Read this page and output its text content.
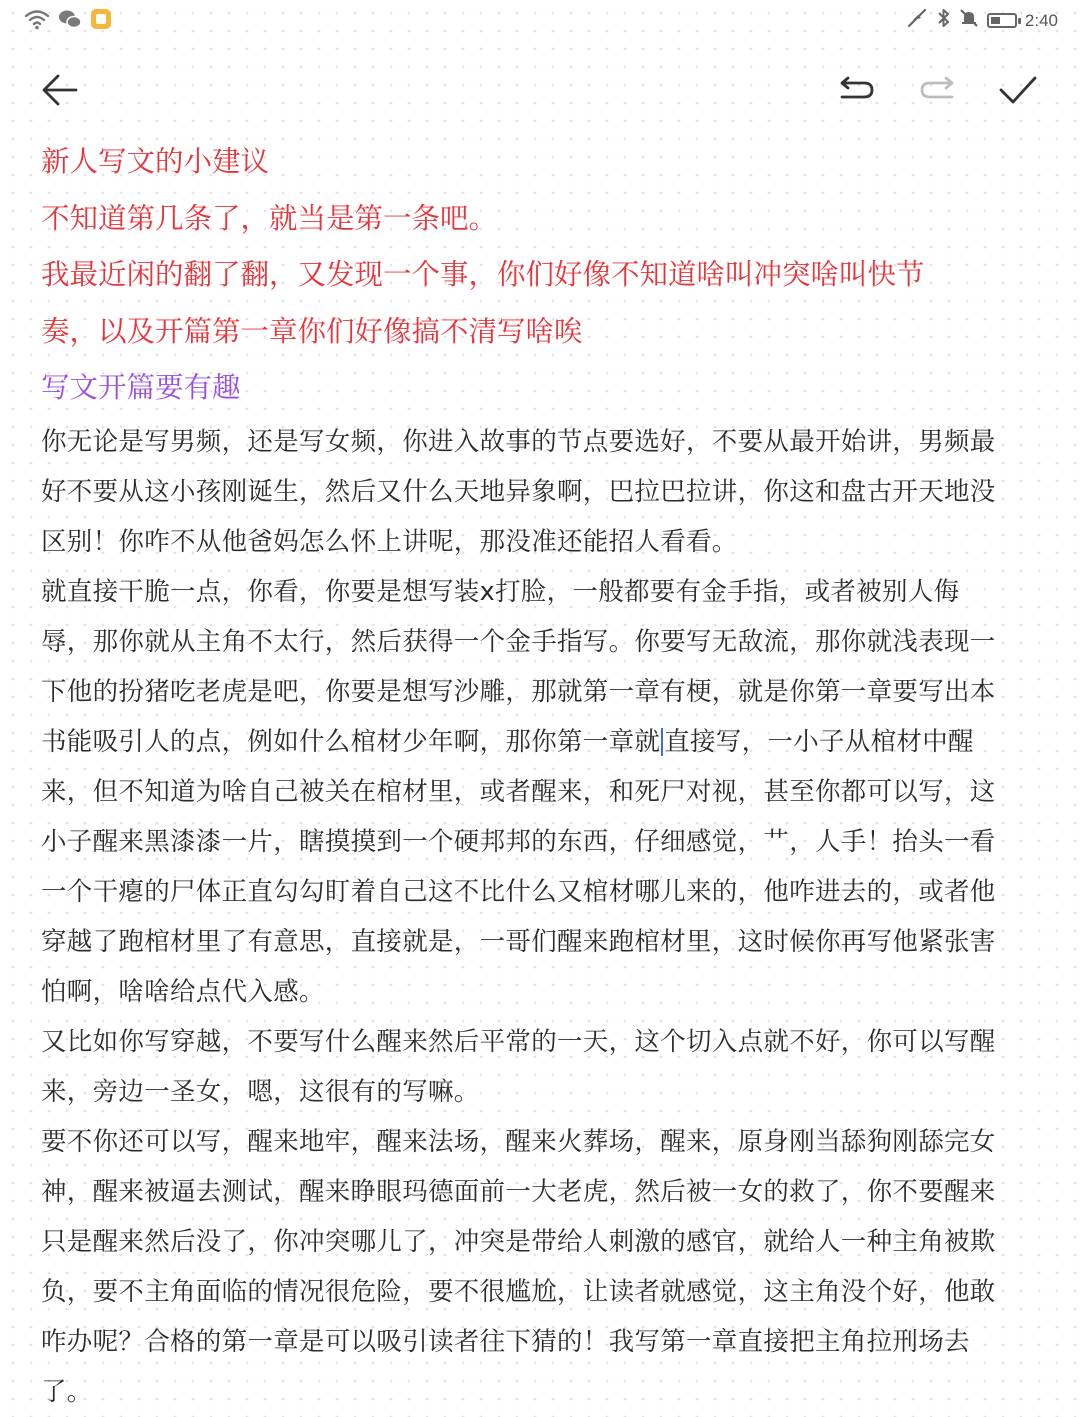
2:40
新人写文的小建议
不知道第几条了，就当是第一条吧。
我最近闲的翻了翻，又发现一个事，你们好像不知道啥叫冲突啥叫快节
奏，以及开篇第一章你们好像搞不清写啥唉
写文开篇要有趣
你无论是写男频，还是写女频，你进入故事的节点要选好，不要从最开始讲，男频最
好不要从这小孩刚诞生，然后又什么天地异象啊，巴拉巴拉讲，你这和盘古开天地没
区别！你咋不从他爸妈怎么怀上讲呢，那没准还能招人看看。
就直接干脆一点，你看，你要是想写装x打脸，一般都要有金手指，或者被别人侮
辱，那你就从主角不太行，然后获得一个金手指写。你要写无敌流，那你就浅表现一
下他的扮猪吃老虎是吧，你要是想写沙雕，那就第一章有梗，就是你第一章要写出本
书能吸引人的点，例如什么棺材少年啊，那你第一章就 直接写，一小子从棺材中醒
来，但不知道为啥自己被关在棺材里，或者醒来，和死尸对视，甚至你都可以写，这
小子醒来黑漆漆一片，瞎摸摸到一个硬邦邦的东西，仔细感觉，艹，人手！抬头一看
一个干瘪的尸体正直勾勾盯着自己这不比什么又棺材哪儿来的，他咋进去的，或者他
穿越了跑棺材里了有意思，直接就是，一哥们醒来跑棺材里，这时候你再写他紧张害
怕啊，啥啥给点代入感。
又比如你写穿越，不要写什么醒来然后平常的一天，这个切入点就不好，你可以写醒
来，旁边一圣女，嗯，这很有的写嘛。
要不你还可以写，醒来地牢，醒来法场，醒来火葬场，醒来，原身刚当舔狗刚舔完女
神，醒来被逼去测试，醒来睁眼玛德面前一大老虎，然后被一女的救了，你不要醒来
只是醒来然后没了，你冲突哪儿了，冲突是带给人刺激的感官，就给人一种主角被欺
负，要不主角面临的情况很危险，要不很尴尬，让读者就感觉，这主角没个好，他敢
咋办呢？合格的第一章是可以吸引读者往下猜的！我写第一章直接把主角拉刑场去
了。
